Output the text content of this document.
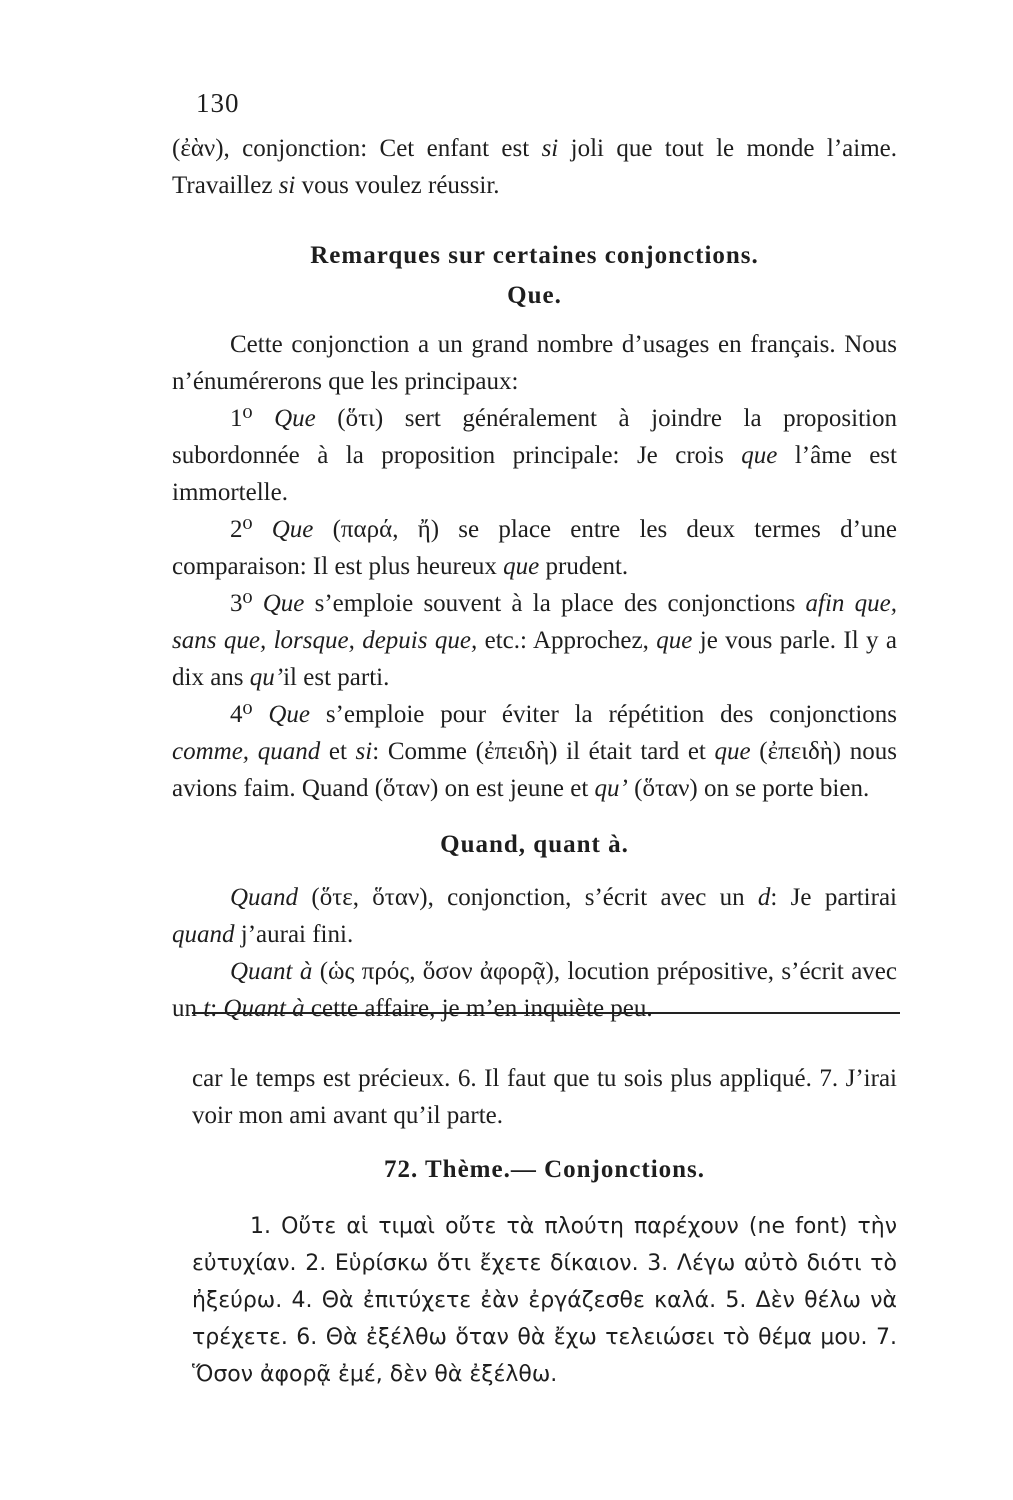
130

(ἐὰν), conjonction: Cet enfant est si joli que tout le monde l’aime. Travaillez si vous voulez réussir.

Remarques sur certaines conjonctions.
Que.

Cette conjonction a un grand nombre d’usages en français. Nous n’énumérerons que les principaux:

1⁰ Que (ὅτι) sert généralement à joindre la proposition subordonnée à la proposition principale: Je crois que l’âme est immortelle.

2⁰ Que (παρά, ἤ) se place entre les deux termes d’une comparaison: Il est plus heureux que prudent.

3⁰ Que s’emploie souvent à la place des conjonctions afin que, sans que, lorsque, depuis que, etc.: Approchez, que je vous parle. Il y a dix ans qu’il est parti.

4⁰ Que s’emploie pour éviter la répétition des conjonctions comme, quand et si: Comme (ἐπειδὴ) il était tard et que (ἐπειδὴ) nous avions faim. Quand (ὅταν) on est jeune et qu’ (ὅταν) on se porte bien.

Quand, quant à.

Quand (ὅτε, ὅταν), conjonction, s’écrit avec un d: Je partirai quand j’aurai fini.

Quant à (ὡς πρός, ὅσον ἀφορᾷ), locution prépositive, s’écrit avec un t: Quant à cette affaire, je m’en inquiète peu.

car le temps est précieux. 6. Il faut que tu sois plus appliqué. 7. J’irai voir mon ami avant qu’il parte.

72. Thème.— Conjonctions.

1. Οὔτε αἱ τιμαὶ οὔτε τὰ πλούτη παρέχουν (ne font) τὴν εὐτυχίαν. 2. Εὑρίσκω ὅτι ἔχετε δίκαιον. 3. Λέγω αὐτὸ διότι τὸ ἠξεύρω. 4. Θὰ ἐπιτύχετε ἐὰν ἐργάζεσθε καλά. 5. Δὲν θέλω νὰ τρέχετε. 6. Θὰ ἐξέλθω ὅταν θὰ ἔχω τελειώσει τὸ θέμα μου. 7. Ὅσον ἀφορᾷ ἐμέ, δὲν θὰ ἐξέλθω.
